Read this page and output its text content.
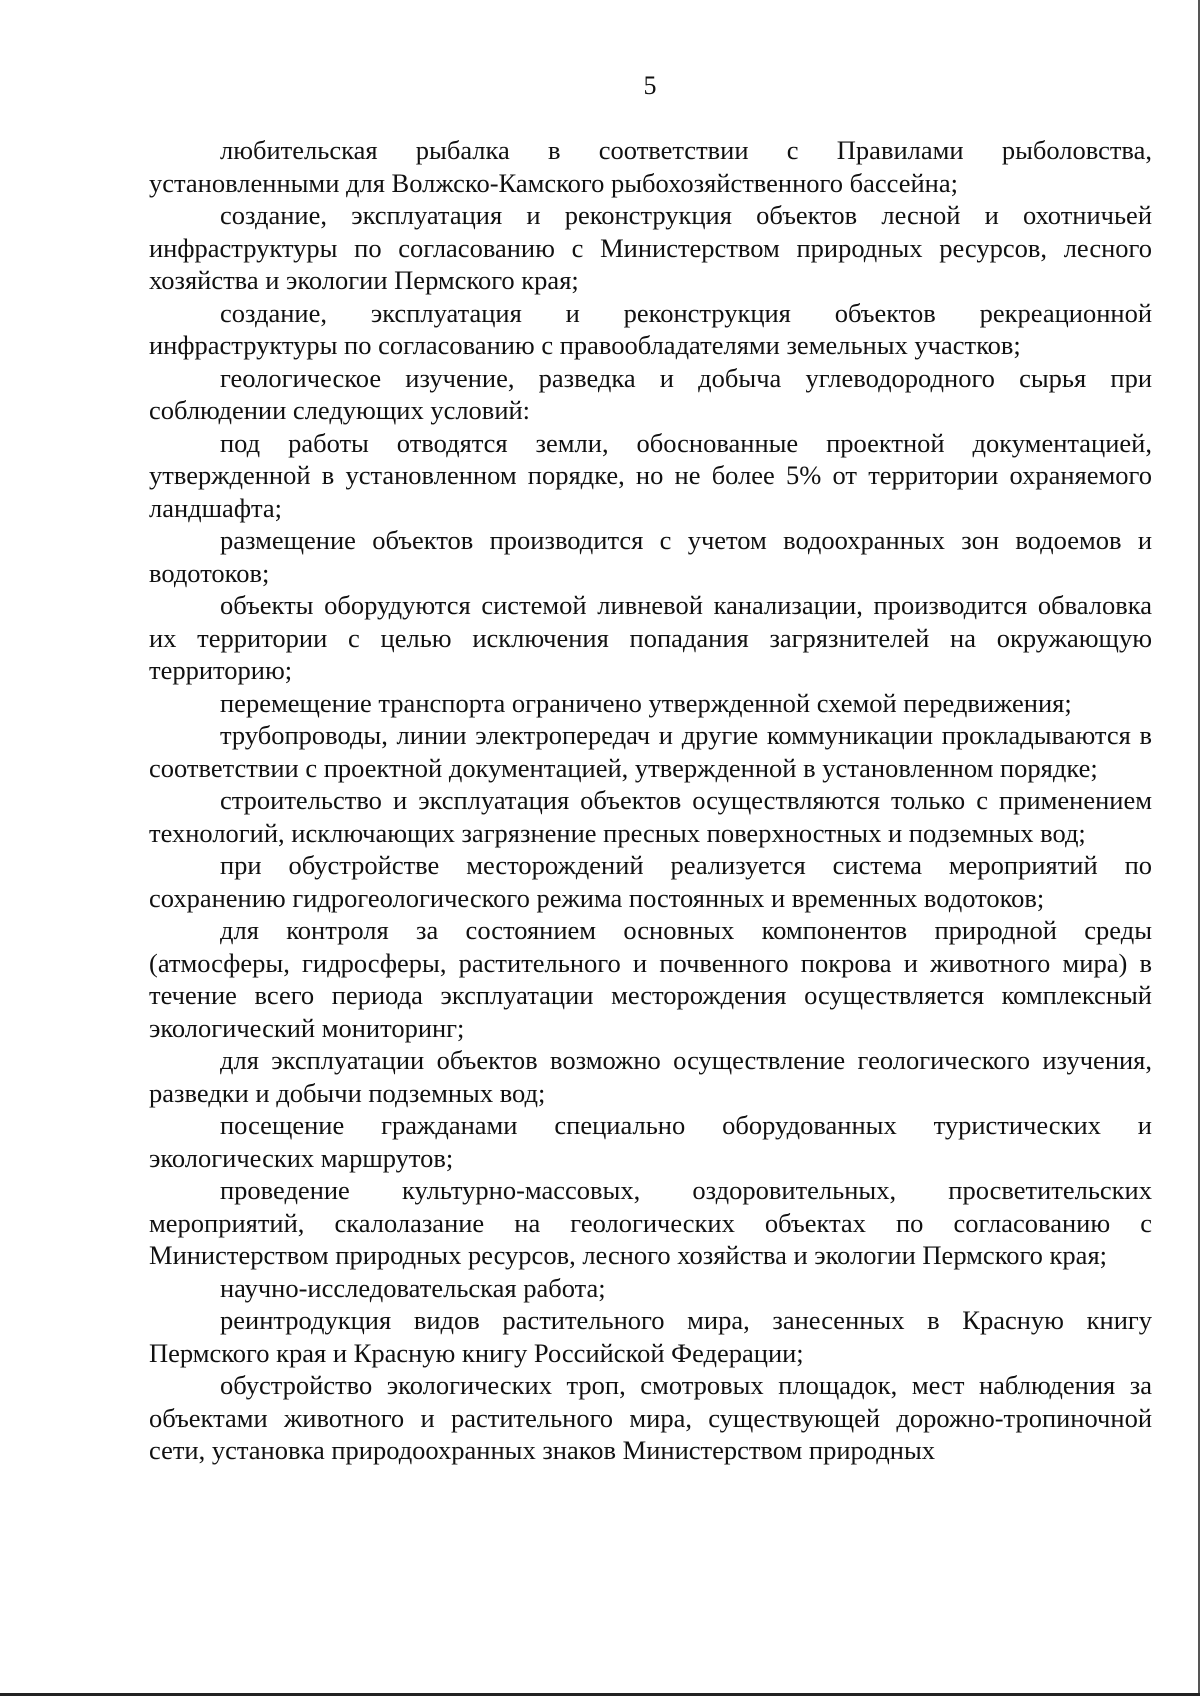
5

любительская рыбалка в соответствии с Правилами рыболовства, установленными для Волжско-Камского рыбохозяйственного бассейна;

создание, эксплуатация и реконструкция объектов лесной и охотничьей инфраструктуры по согласованию с Министерством природных ресурсов, лесного хозяйства и экологии Пермского края;

создание, эксплуатация и реконструкция объектов рекреационной инфраструктуры по согласованию с правообладателями земельных участков;

геологическое изучение, разведка и добыча углеводородного сырья при соблюдении следующих условий:

под работы отводятся земли, обоснованные проектной документацией, утвержденной в установленном порядке, но не более 5% от территории охраняемого ландшафта;

размещение объектов производится с учетом водоохранных зон водоемов и водотоков;

объекты оборудуются системой ливневой канализации, производится обваловка их территории с целью исключения попадания загрязнителей на окружающую территорию;

перемещение транспорта ограничено утвержденной схемой передвижения;

трубопроводы, линии электропередач и другие коммуникации прокладываются в соответствии с проектной документацией, утвержденной в установленном порядке;

строительство и эксплуатация объектов осуществляются только с применением технологий, исключающих загрязнение пресных поверхностных и подземных вод;

при обустройстве месторождений реализуется система мероприятий по сохранению гидрогеологического режима постоянных и временных водотоков;

для контроля за состоянием основных компонентов природной среды (атмосферы, гидросферы, растительного и почвенного покрова и животного мира) в течение всего периода эксплуатации месторождения осуществляется комплексный экологический мониторинг;

для эксплуатации объектов возможно осуществление геологического изучения, разведки и добычи подземных вод;

посещение гражданами специально оборудованных туристических и экологических маршрутов;

проведение культурно-массовых, оздоровительных, просветительских мероприятий, скалолазание на геологических объектах по согласованию с Министерством природных ресурсов, лесного хозяйства и экологии Пермского края;

научно-исследовательская работа;

реинтродукция видов растительного мира, занесенных в Красную книгу Пермского края и Красную книгу Российской Федерации;

обустройство экологических троп, смотровых площадок, мест наблюдения за объектами животного и растительного мира, существующей дорожно-тропиночной сети, установка природоохранных знаков Министерством природных
